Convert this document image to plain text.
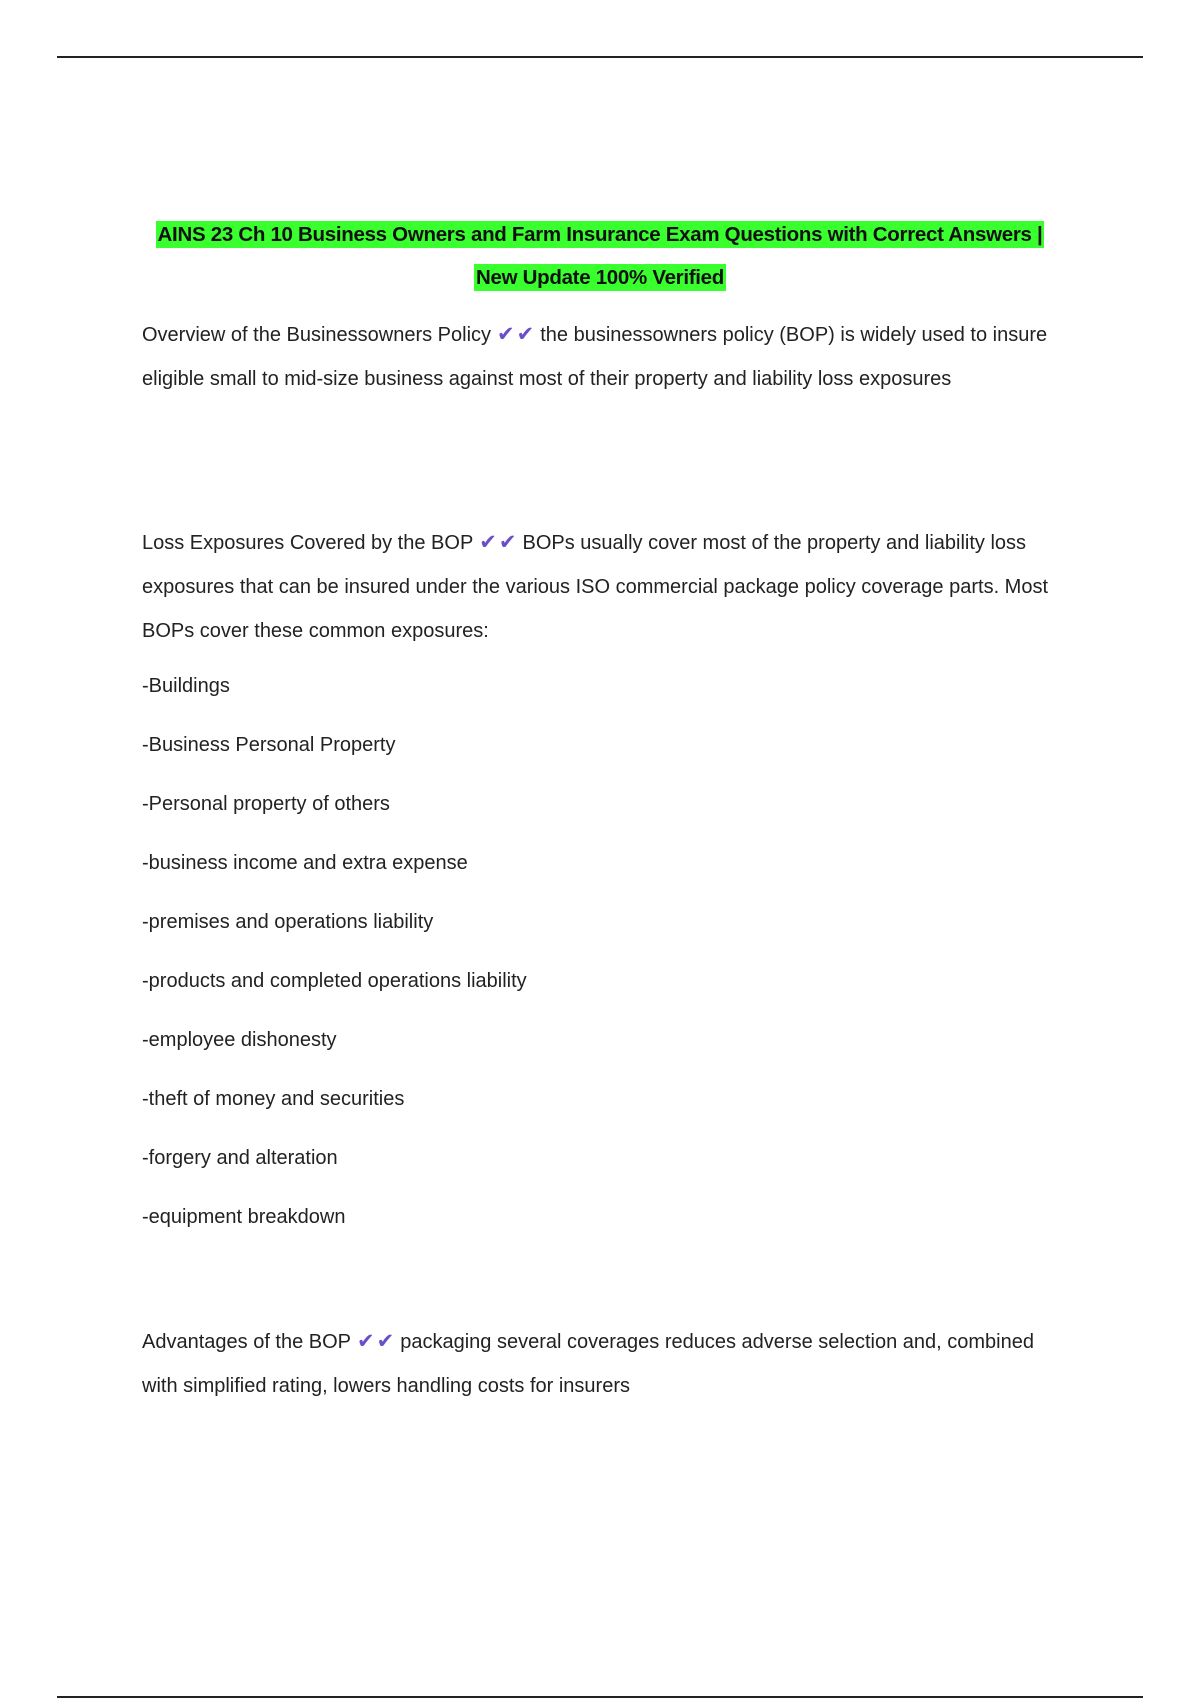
AINS 23 Ch 10 Business Owners and Farm Insurance Exam Questions with Correct Answers |
New Update 100% Verified

Overview of the Businessowners Policy ✔✔ the businessowners policy (BOP) is widely used to insure eligible small to mid-size business against most of their property and liability loss exposures

Loss Exposures Covered by the BOP ✔✔ BOPs usually cover most of the property and liability loss exposures that can be insured under the various ISO commercial package policy coverage parts. Most BOPs cover these common exposures:

-Buildings
-Business Personal Property
-Personal property of others
-business income and extra expense
-premises and operations liability
-products and completed operations liability
-employee dishonesty
-theft of money and securities
-forgery and alteration
-equipment breakdown

Advantages of the BOP ✔✔ packaging several coverages reduces adverse selection and, combined with simplified rating, lowers handling costs for insurers
